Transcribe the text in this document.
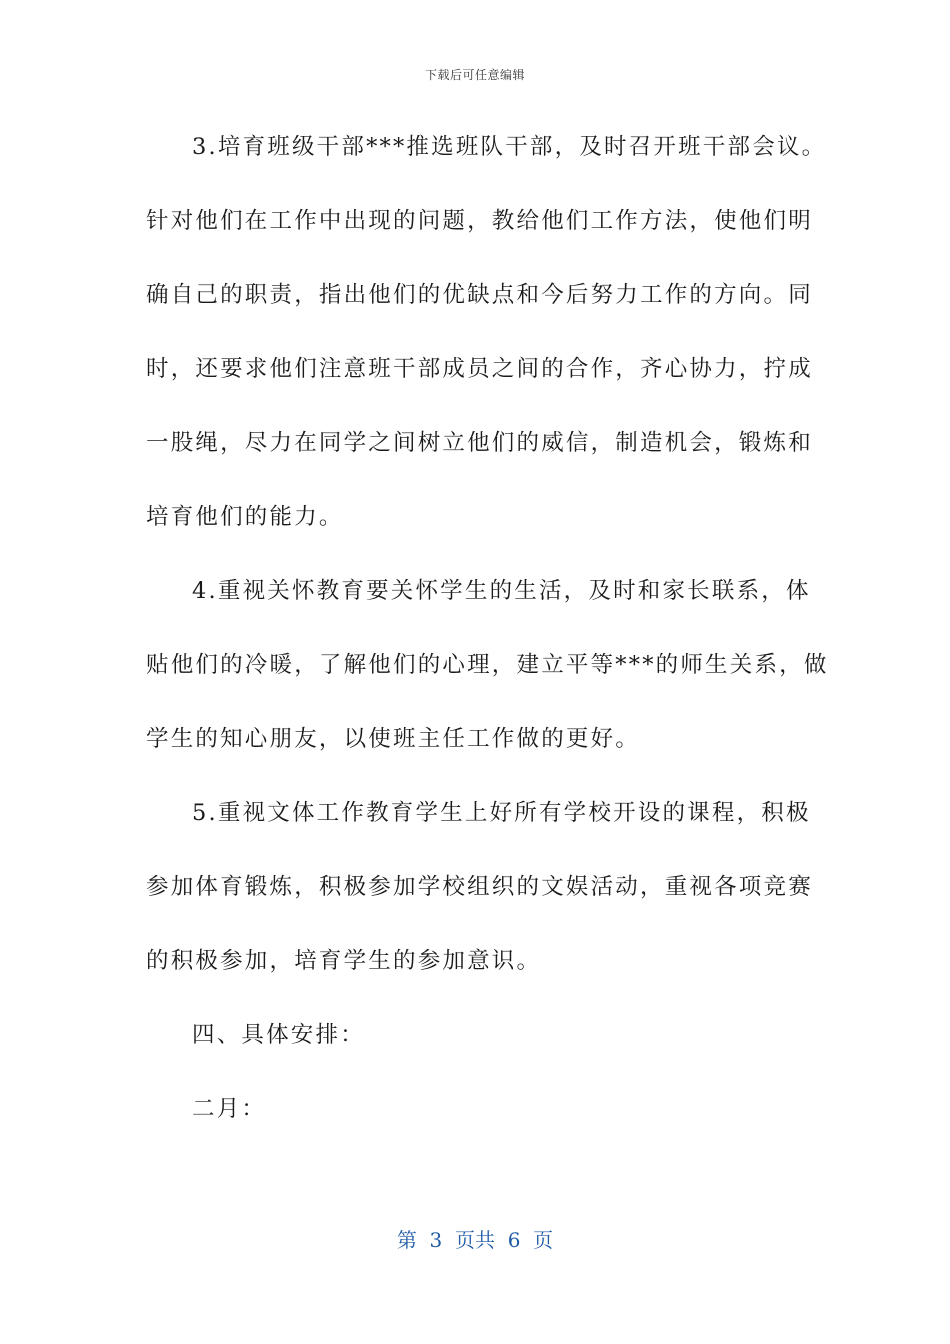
下载后可任意编辑
3.培育班级干部***推选班队干部，及时召开班干部会议。
针对他们在工作中出现的问题，教给他们工作方法，使他们明
确自己的职责，指出他们的优缺点和今后努力工作的方向。同
时，还要求他们注意班干部成员之间的合作，齐心协力，拧成
一股绳，尽力在同学之间树立他们的威信，制造机会，锻炼和
培育他们的能力。
4.重视关怀教育要关怀学生的生活，及时和家长联系，体
贴他们的冷暖，了解他们的心理，建立平等***的师生关系，做
学生的知心朋友，以使班主任工作做的更好。
5.重视文体工作教育学生上好所有学校开设的课程，积极
参加体育锻炼，积极参加学校组织的文娱活动，重视各项竞赛
的积极参加，培育学生的参加意识。
四、具体安排：
二月：
第  3  页共  6  页
